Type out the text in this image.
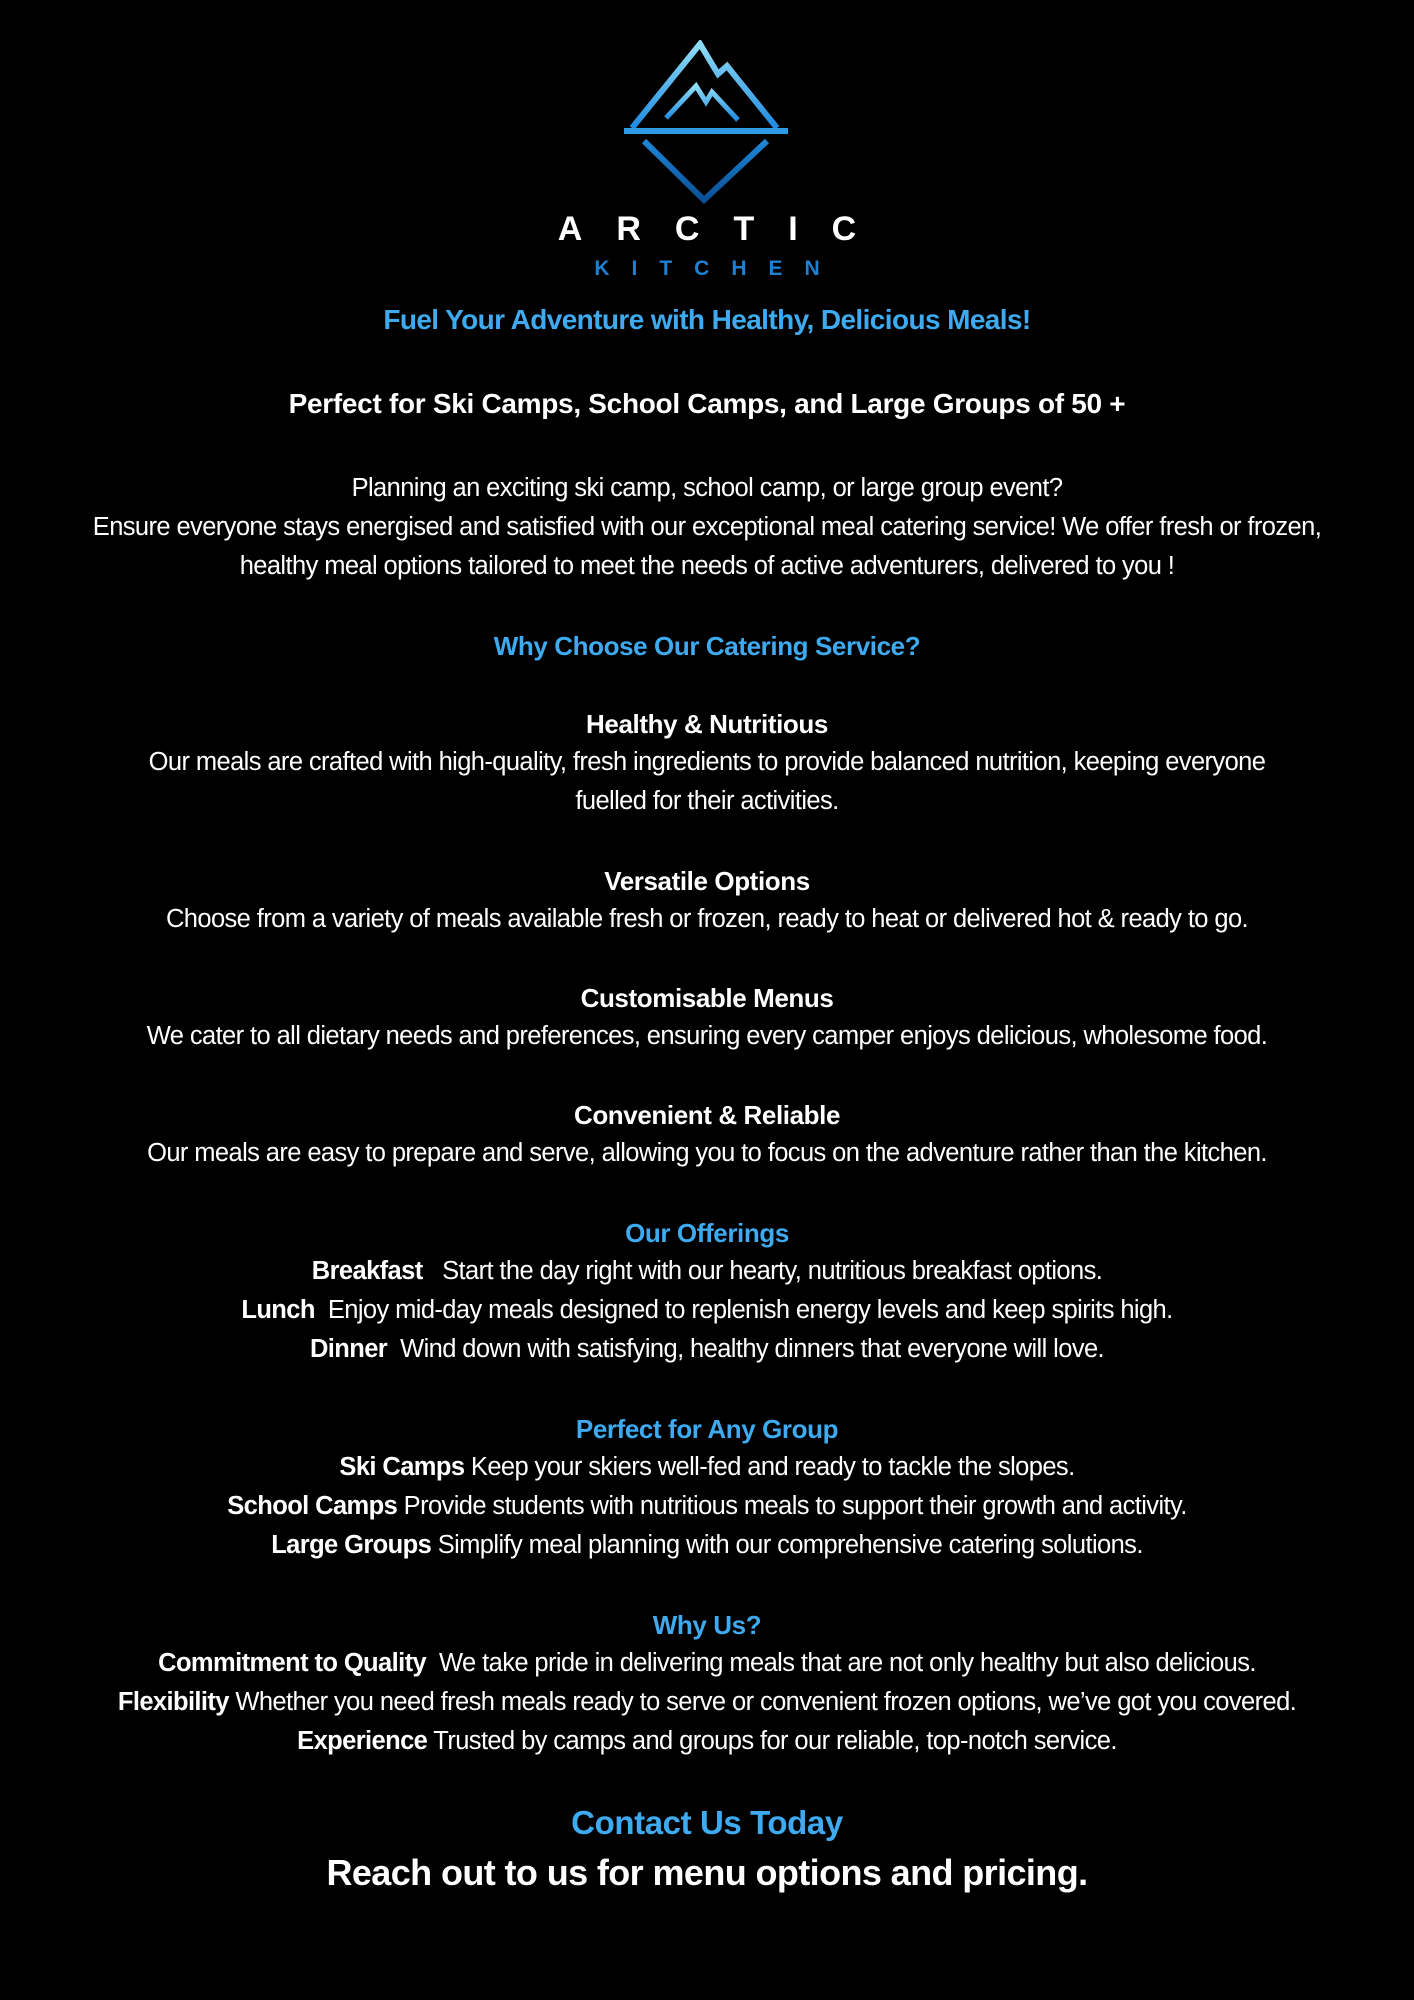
ARCTIC
KITCHEN
Fuel Your Adventure with Healthy, Delicious Meals!
Perfect for Ski Camps, School Camps, and Large Groups of 50 +
Planning an exciting ski camp, school camp, or large group event?
Ensure everyone stays energised and satisfied with our exceptional meal catering service! We offer fresh or frozen,
healthy meal options tailored to meet the needs of active adventurers, delivered to you !
Why Choose Our Catering Service?
Healthy & Nutritious
Our meals are crafted with high-quality, fresh ingredients to provide balanced nutrition, keeping everyone
fuelled for their activities.
Versatile Options
Choose from a variety of meals available fresh or frozen, ready to heat or delivered hot & ready to go.
Customisable Menus
We cater to all dietary needs and preferences, ensuring every camper enjoys delicious, wholesome food.
Convenient & Reliable
Our meals are easy to prepare and serve, allowing you to focus on the adventure rather than the kitchen.
Our Offerings
Breakfast Start the day right with our hearty, nutritious breakfast options.
Lunch Enjoy mid-day meals designed to replenish energy levels and keep spirits high.
Dinner Wind down with satisfying, healthy dinners that everyone will love.
Perfect for Any Group
Ski Camps Keep your skiers well-fed and ready to tackle the slopes.
School Camps Provide students with nutritious meals to support their growth and activity.
Large Groups Simplify meal planning with our comprehensive catering solutions.
Why Us?
Commitment to Quality We take pride in delivering meals that are not only healthy but also delicious.
Flexibility Whether you need fresh meals ready to serve or convenient frozen options, we’ve got you covered.
Experience Trusted by camps and groups for our reliable, top-notch service.
Contact Us Today
Reach out to us for menu options and pricing.
